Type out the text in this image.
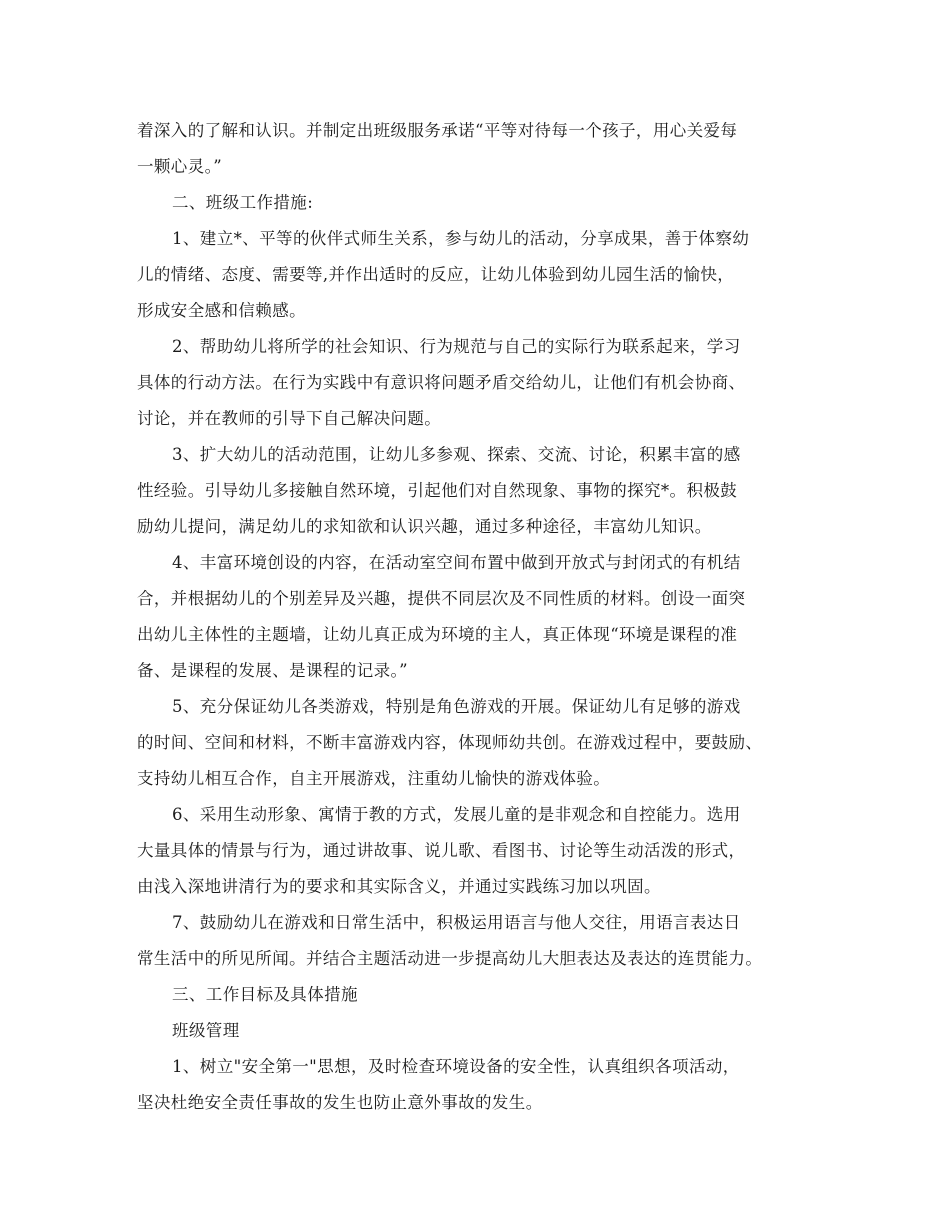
着深入的了解和认识。并制定出班级服务承诺“平等对待每一个孩子，用心关爱每
一颗心灵。”
二、班级工作措施:
1、建立*、平等的伙伴式师生关系，参与幼儿的活动，分享成果，善于体察幼
儿的情绪、态度、需要等,并作出适时的反应，让幼儿体验到幼儿园生活的愉快，
形成安全感和信赖感。
2、帮助幼儿将所学的社会知识、行为规范与自己的实际行为联系起来，学习
具体的行动方法。在行为实践中有意识将问题矛盾交给幼儿，让他们有机会协商、
讨论，并在教师的引导下自己解决问题。
3、扩大幼儿的活动范围，让幼儿多参观、探索、交流、讨论，积累丰富的感
性经验。引导幼儿多接触自然环境，引起他们对自然现象、事物的探究*。积极鼓
励幼儿提问，满足幼儿的求知欲和认识兴趣，通过多种途径，丰富幼儿知识。
4、丰富环境创设的内容，在活动室空间布置中做到开放式与封闭式的有机结
合，并根据幼儿的个别差异及兴趣，提供不同层次及不同性质的材料。创设一面突
出幼儿主体性的主题墙，让幼儿真正成为环境的主人，真正体现“环境是课程的准
备、是课程的发展、是课程的记录。”
5、充分保证幼儿各类游戏，特别是角色游戏的开展。保证幼儿有足够的游戏
的时间、空间和材料，不断丰富游戏内容，体现师幼共创。在游戏过程中，要鼓励、
支持幼儿相互合作，自主开展游戏，注重幼儿愉快的游戏体验。
6、采用生动形象、寓情于教的方式，发展儿童的是非观念和自控能力。选用
大量具体的情景与行为，通过讲故事、说儿歌、看图书、讨论等生动活泼的形式，
由浅入深地讲清行为的要求和其实际含义，并通过实践练习加以巩固。
7、鼓励幼儿在游戏和日常生活中，积极运用语言与他人交往，用语言表达日
常生活中的所见所闻。并结合主题活动进一步提高幼儿大胆表达及表达的连贯能力。
三、工作目标及具体措施
班级管理
1、树立"安全第一"思想，及时检查环境设备的安全性，认真组织各项活动，
坚决杜绝安全责任事故的发生也防止意外事故的发生。
